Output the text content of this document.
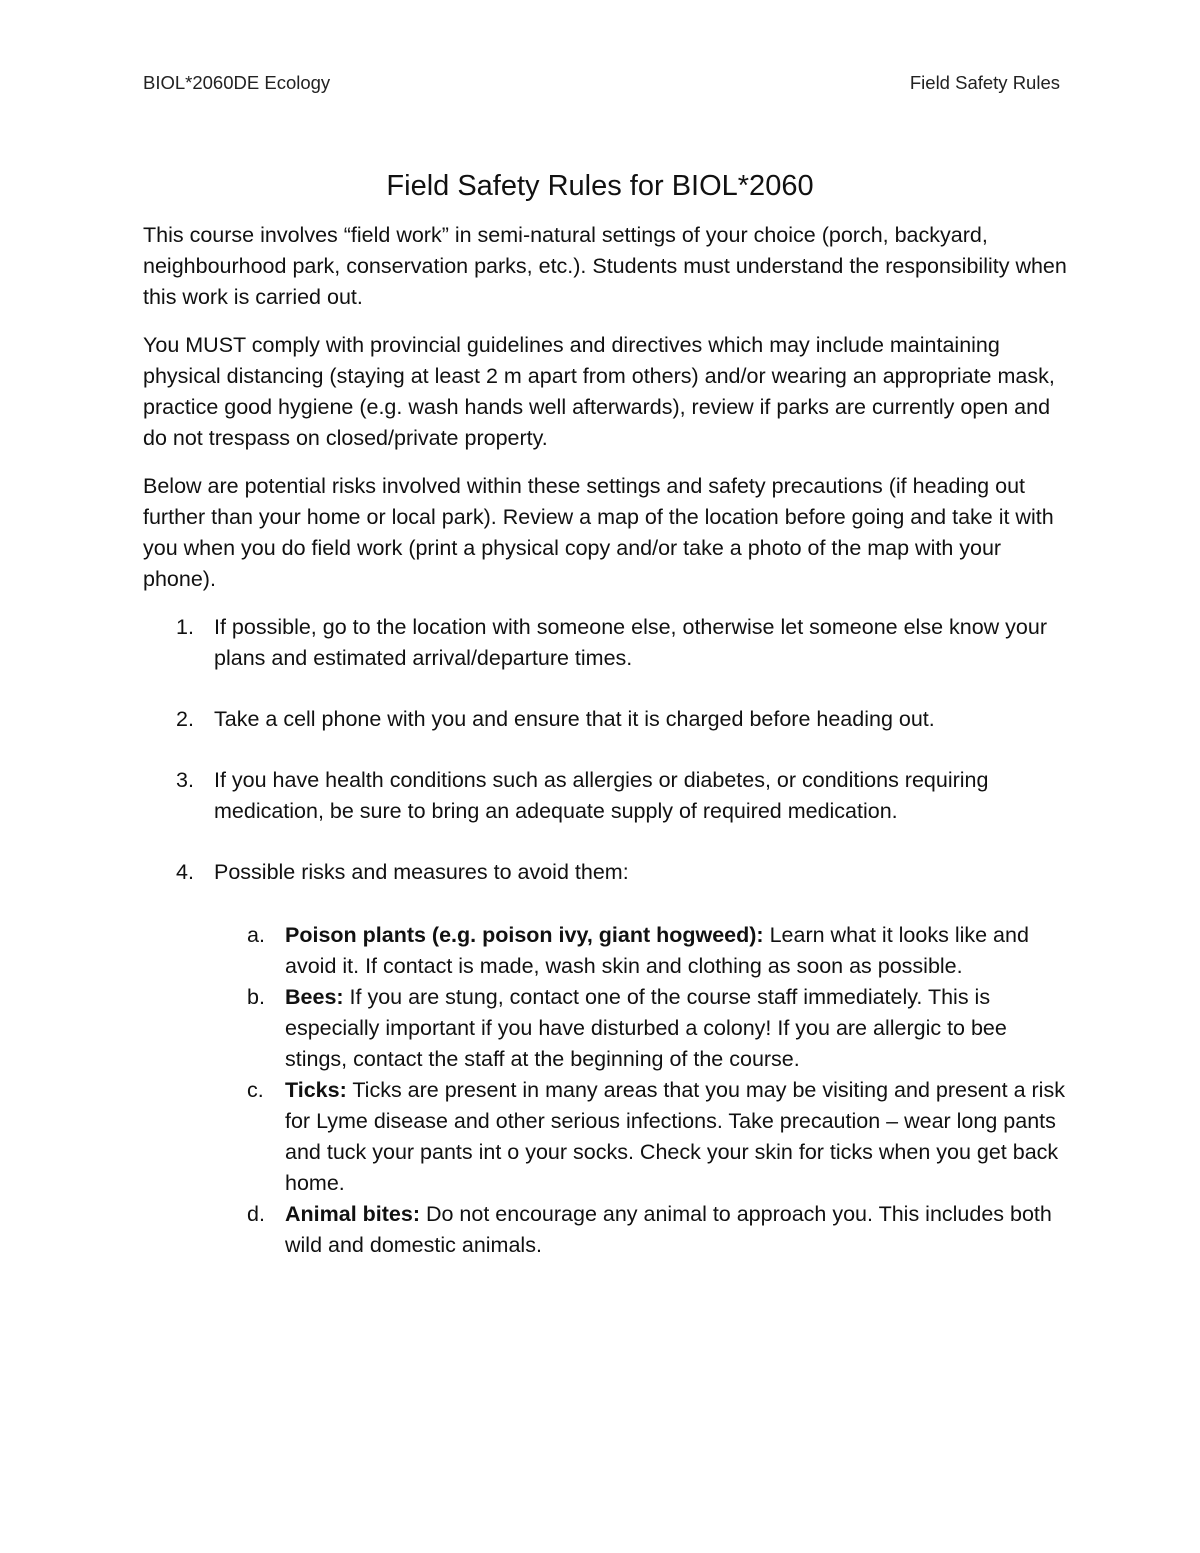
BIOL*2060DE Ecology	Field Safety Rules
Field Safety Rules for BIOL*2060

This course involves “field work” in semi-natural settings of your choice (porch, backyard, neighbourhood park, conservation parks, etc.). Students must understand the responsibility when this work is carried out.

You MUST comply with provincial guidelines and directives which may include maintaining physical distancing (staying at least 2 m apart from others) and/or wearing an appropriate mask, practice good hygiene (e.g. wash hands well afterwards), review if parks are currently open and do not trespass on closed/private property.

Below are potential risks involved within these settings and safety precautions (if heading out further than your home or local park). Review a map of the location before going and take it with you when you do field work (print a physical copy and/or take a photo of the map with your phone).

1. If possible, go to the location with someone else, otherwise let someone else know your plans and estimated arrival/departure times.
2. Take a cell phone with you and ensure that it is charged before heading out.
3. If you have health conditions such as allergies or diabetes, or conditions requiring medication, be sure to bring an adequate supply of required medication.
4. Possible risks and measures to avoid them:
a. Poison plants (e.g. poison ivy, giant hogweed): Learn what it looks like and avoid it. If contact is made, wash skin and clothing as soon as possible.
b. Bees: If you are stung, contact one of the course staff immediately. This is especially important if you have disturbed a colony! If you are allergic to bee stings, contact the staff at the beginning of the course.
c. Ticks: Ticks are present in many areas that you may be visiting and present a risk for Lyme disease and other serious infections. Take precaution – wear long pants and tuck your pants int o your socks. Check your skin for ticks when you get back home.
d. Animal bites: Do not encourage any animal to approach you. This includes both wild and domestic animals.
